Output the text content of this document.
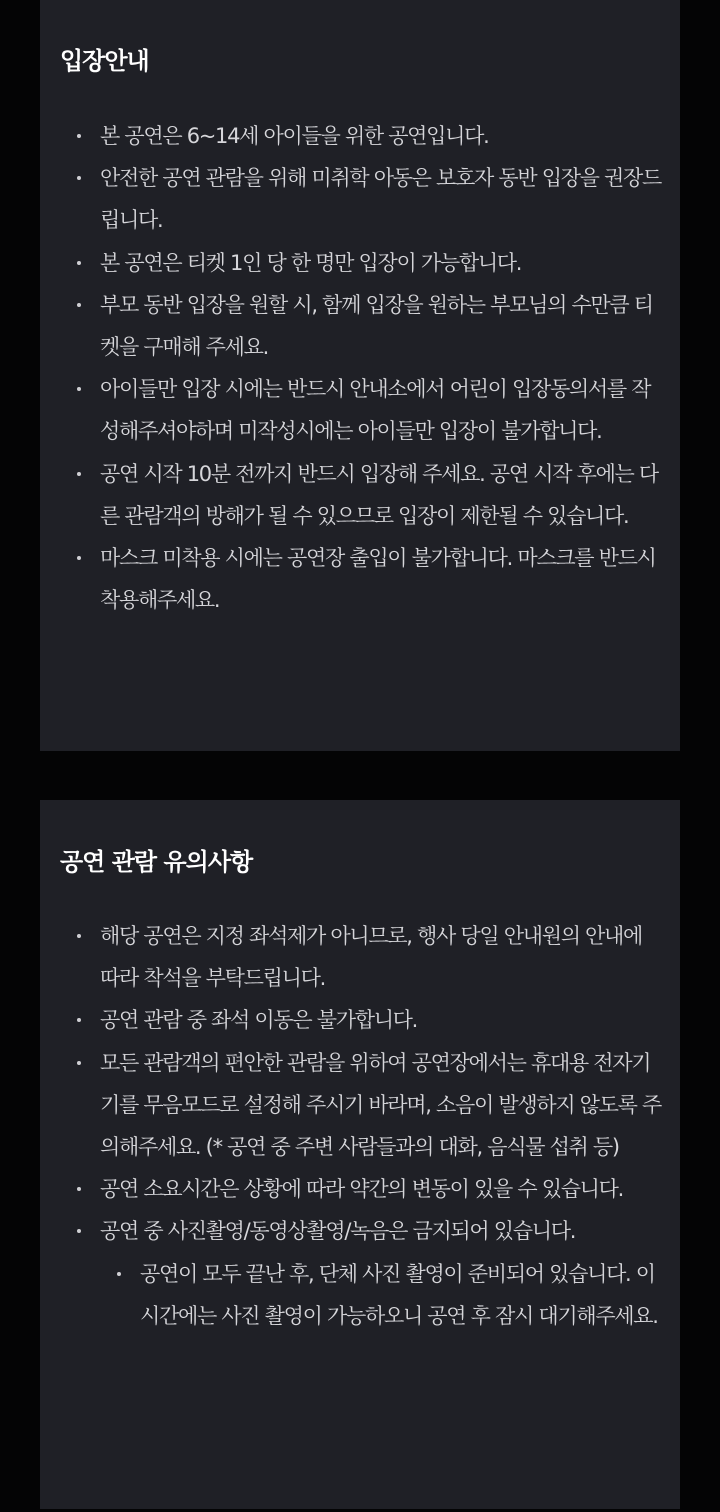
입장안내
본 공연은 6~14세 아이들을 위한 공연입니다.
안전한 공연 관람을 위해 미취학 아동은 보호자 동반 입장을 권장드립니다.
본 공연은 티켓 1인 당 한 명만 입장이 가능합니다.
부모 동반 입장을 원할 시, 함께 입장을 원하는 부모님의 수만큼 티켓을 구매해 주세요.
아이들만 입장 시에는 반드시 안내소에서 어린이 입장동의서를 작성해주셔야하며 미작성시에는 아이들만 입장이 불가합니다.
공연 시작 10분 전까지 반드시 입장해 주세요. 공연 시작 후에는 다른 관람객의 방해가 될 수 있으므로 입장이 제한될 수 있습니다.
마스크 미착용 시에는 공연장 출입이 불가합니다. 마스크를 반드시 착용해주세요.
공연 관람 유의사항
해당 공연은 지정 좌석제가 아니므로, 행사 당일 안내원의 안내에 따라 착석을 부탁드립니다.
공연 관람 중 좌석 이동은 불가합니다.
모든 관람객의 편안한 관람을 위하여 공연장에서는 휴대용 전자기기를 무음모드로 설정해 주시기 바라며, 소음이 발생하지 않도록 주의해주세요. (* 공연 중 주변 사람들과의 대화, 음식물 섭취 등)
공연 소요시간은 상황에 따라 약간의 변동이 있을 수 있습니다.
공연 중 사진촬영/동영상촬영/녹음은 금지되어 있습니다.
공연이 모두 끝난 후, 단체 사진 촬영이 준비되어 있습니다. 이 시간에는 사진 촬영이 가능하오니 공연 후 잠시 대기해주세요.
